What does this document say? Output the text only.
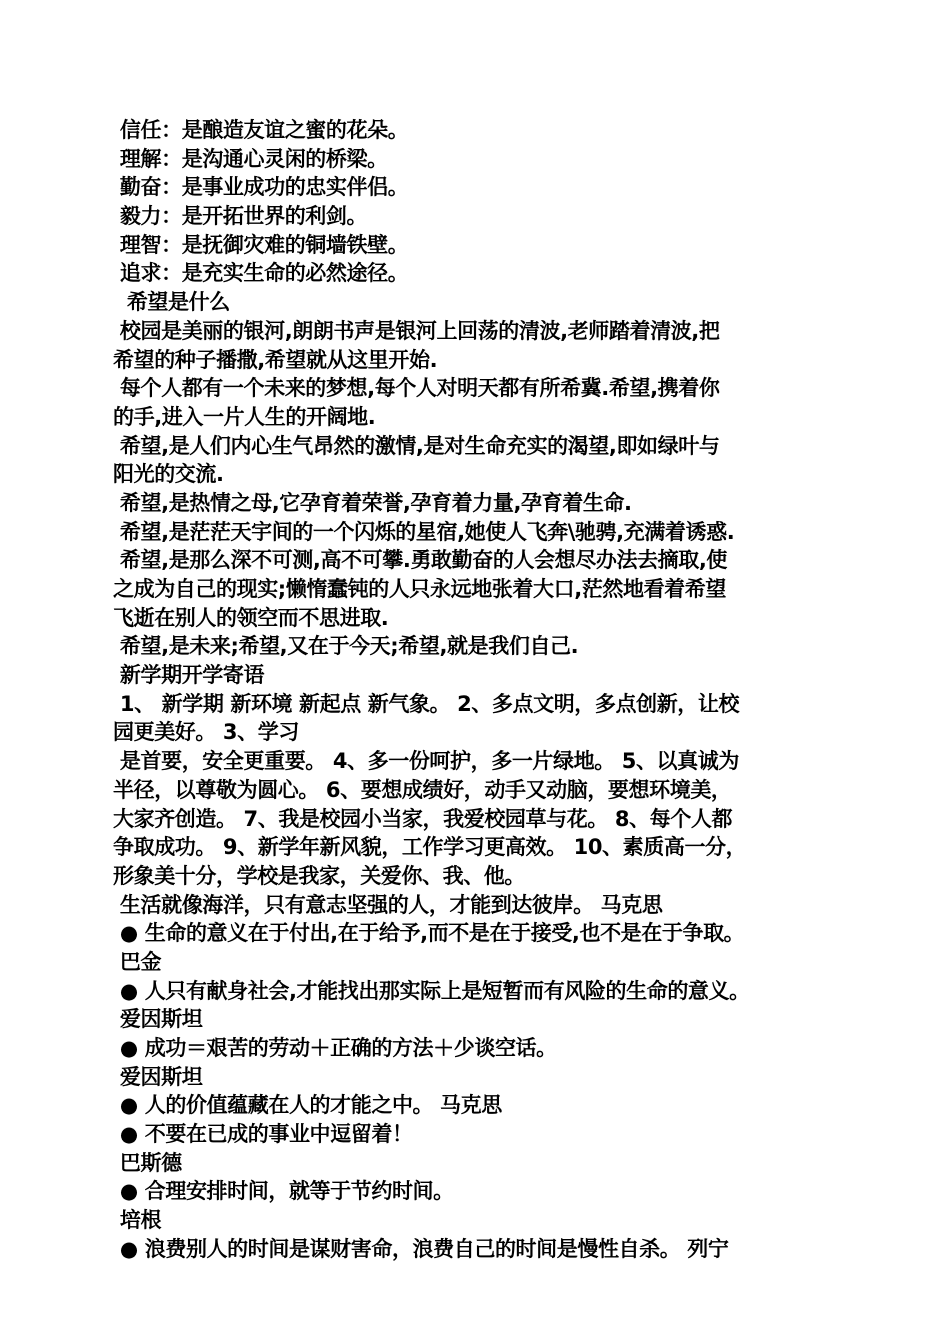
信任：是酿造友谊之蜜的花朵。
理解：是沟通心灵闲的桥梁。
勤奋：是事业成功的忠实伴侣。
毅力：是开拓世界的利剑。
理智：是抚御灾难的铜墙铁壁。
追求：是充实生命的必然途径。
希望是什么
校园是美丽的银河,朗朗书声是银河上回荡的清波,老师踏着清波,把
希望的种子播撒,希望就从这里开始.
每个人都有一个未来的梦想,每个人对明天都有所希冀.希望,携着你
的手,进入一片人生的开阔地.
希望,是人们内心生气昂然的激情,是对生命充实的渴望,即如绿叶与
阳光的交流.
希望,是热情之母,它孕育着荣誉,孕育着力量,孕育着生命.
希望,是茫茫天宇间的一个闪烁的星宿,她使人飞奔\驰骋,充满着诱惑.
希望,是那么深不可测,高不可攀.勇敢勤奋的人会想尽办法去摘取,使
之成为自己的现实;懒惰蠢钝的人只永远地张着大口,茫然地看着希望
飞逝在别人的领空而不思进取.
希望,是未来;希望,又在于今天;希望,就是我们自己.
新学期开学寄语
1、 新学期 新环境 新起点 新气象。 2、多点文明，多点创新，让校
园更美好。 3、学习
是首要，安全更重要。 4、多一份呵护，多一片绿地。 5、以真诚为
半径，以尊敬为圆心。 6、要想成绩好，动手又动脑，要想环境美，
大家齐创造。 7、我是校园小当家，我爱校园草与花。 8、每个人都
争取成功。 9、新学年新风貌，工作学习更高效。 10、素质高一分，
形象美十分，学校是我家，关爱你、我、他。
生活就像海洋，只有意志坚强的人，才能到达彼岸。 马克思
● 生命的意义在于付出,在于给予,而不是在于接受,也不是在于争取。
巴金
● 人只有献身社会,才能找出那实际上是短暂而有风险的生命的意义。
爱因斯坦
● 成功＝艰苦的劳动＋正确的方法＋少谈空话。
爱因斯坦
● 人的价值蕴藏在人的才能之中。 马克思
● 不要在已成的事业中逗留着！
巴斯德
● 合理安排时间，就等于节约时间。
培根
● 浪费别人的时间是谋财害命，浪费自己的时间是慢性自杀。 列宁
